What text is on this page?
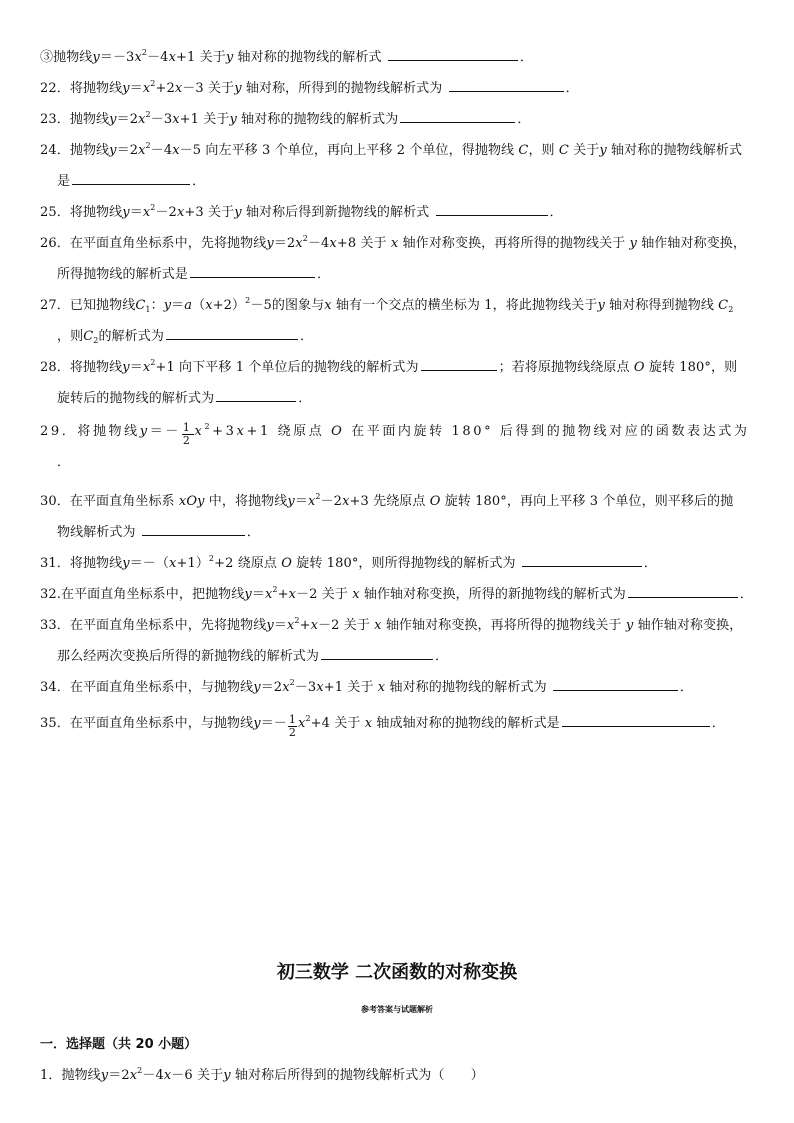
③抛物线$y=-3x^2-4x+1$ 关于y 轴对称的抛物线的解析式	．
22．将抛物线$y=x^2+2x-3$ 关于y 轴对称，所得到的抛物线解析式为	．
23．抛物线$y=2x^2-3x+1$ 关于y 轴对称的抛物线的解析式为	．
24．抛物线$y=2x^2-4x-5$ 向左平移 3 个单位，再向上平移 2 个单位，得抛物线 C，则 C 关于y 轴对称的抛物线解析式
是	．
25．将抛物线$y=x^2-2x+3$ 关于y 轴对称后得到新抛物线的解析式	．
26．在平面直角坐标系中，先将抛物线$y=2x^2-4x+8$ 关于 x 轴作对称变换，再将所得的抛物线关于 y 轴作轴对称变换，
所得抛物线的解析式是	．
27．已知抛物线$C_1$：$y=a(x+2)^2-5$的图象与x 轴有一个交点的横坐标为 1，将此抛物线关于y 轴对称得到抛物线 $C_2$
，则$C_2$的解析式为	．
28．将抛物线$y=x^2+1$ 向下平移 1 个单位后的抛物线的解析式为	；若将原抛物线绕原点 O 旋转 180°，则
旋转后的抛物线的解析式为	．
29．将抛物线$y=- \frac{1}{2} x^2+3x+1$ 绕原点 O 在平面内旋转 180° 后得到的抛物线对应的函数表达式为
．
30．在平面直角坐标系 xOy 中，将抛物线$y=x^2-2x+3$ 先绕原点 O 旋转 180°，再向上平移 3 个单位，则平移后的抛
物线解析式为	．
31．将抛物线$y=-(x+1)^2+2$ 绕原点 O 旋转 180°，则所得抛物线的解析式为	．
32.在平面直角坐标系中，把抛物线$y=x^2+x-2$ 关于 x 轴作轴对称变换，所得的新抛物线的解析式为	．
33．在平面直角坐标系中，先将抛物线$y=x^2+x-2$ 关于 x 轴作轴对称变换，再将所得的抛物线关于 y 轴作轴对称变换，
那么经两次变换后所得的新抛物线的解析式为	．
34．在平面直角坐标系中，与抛物线$y=2x^2-3x+1$ 关于 x 轴对称的抛物线的解析式为	．
35．在平面直角坐标系中，与抛物线$y=- \frac{1}{2} x^2+4$ 关于 x 轴成轴对称的抛物线的解析式是	．
初三数学 二次函数的对称变换
参考答案与试题解析
一．选择题（共 20 小题）
1．抛物线$y=2x^2-4x-6$ 关于y 轴对称后所得到的抛物线解析式为（　　）
